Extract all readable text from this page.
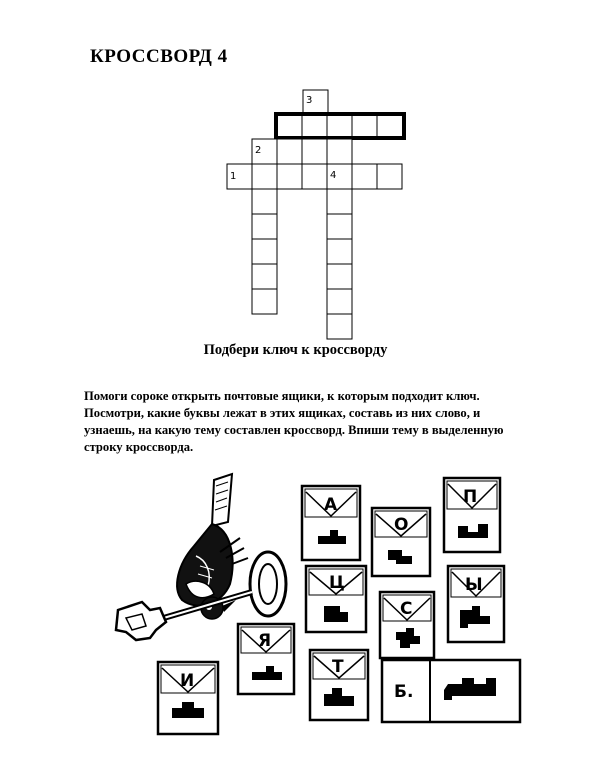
КРОССВОРД 4
1
2
3
4
Подбери ключ к кроссворду
Помоги сороке открыть почтовые ящики, к которым подходит ключ.
Посмотри, какие буквы лежат в этих ящиках, составь из них слово, и
узнаешь, на какую тему составлен кроссворд. Впиши тему в выделенную
строку кроссворда.
А
О
П
Ц
С
Ы
Я
Т
И
Б.
